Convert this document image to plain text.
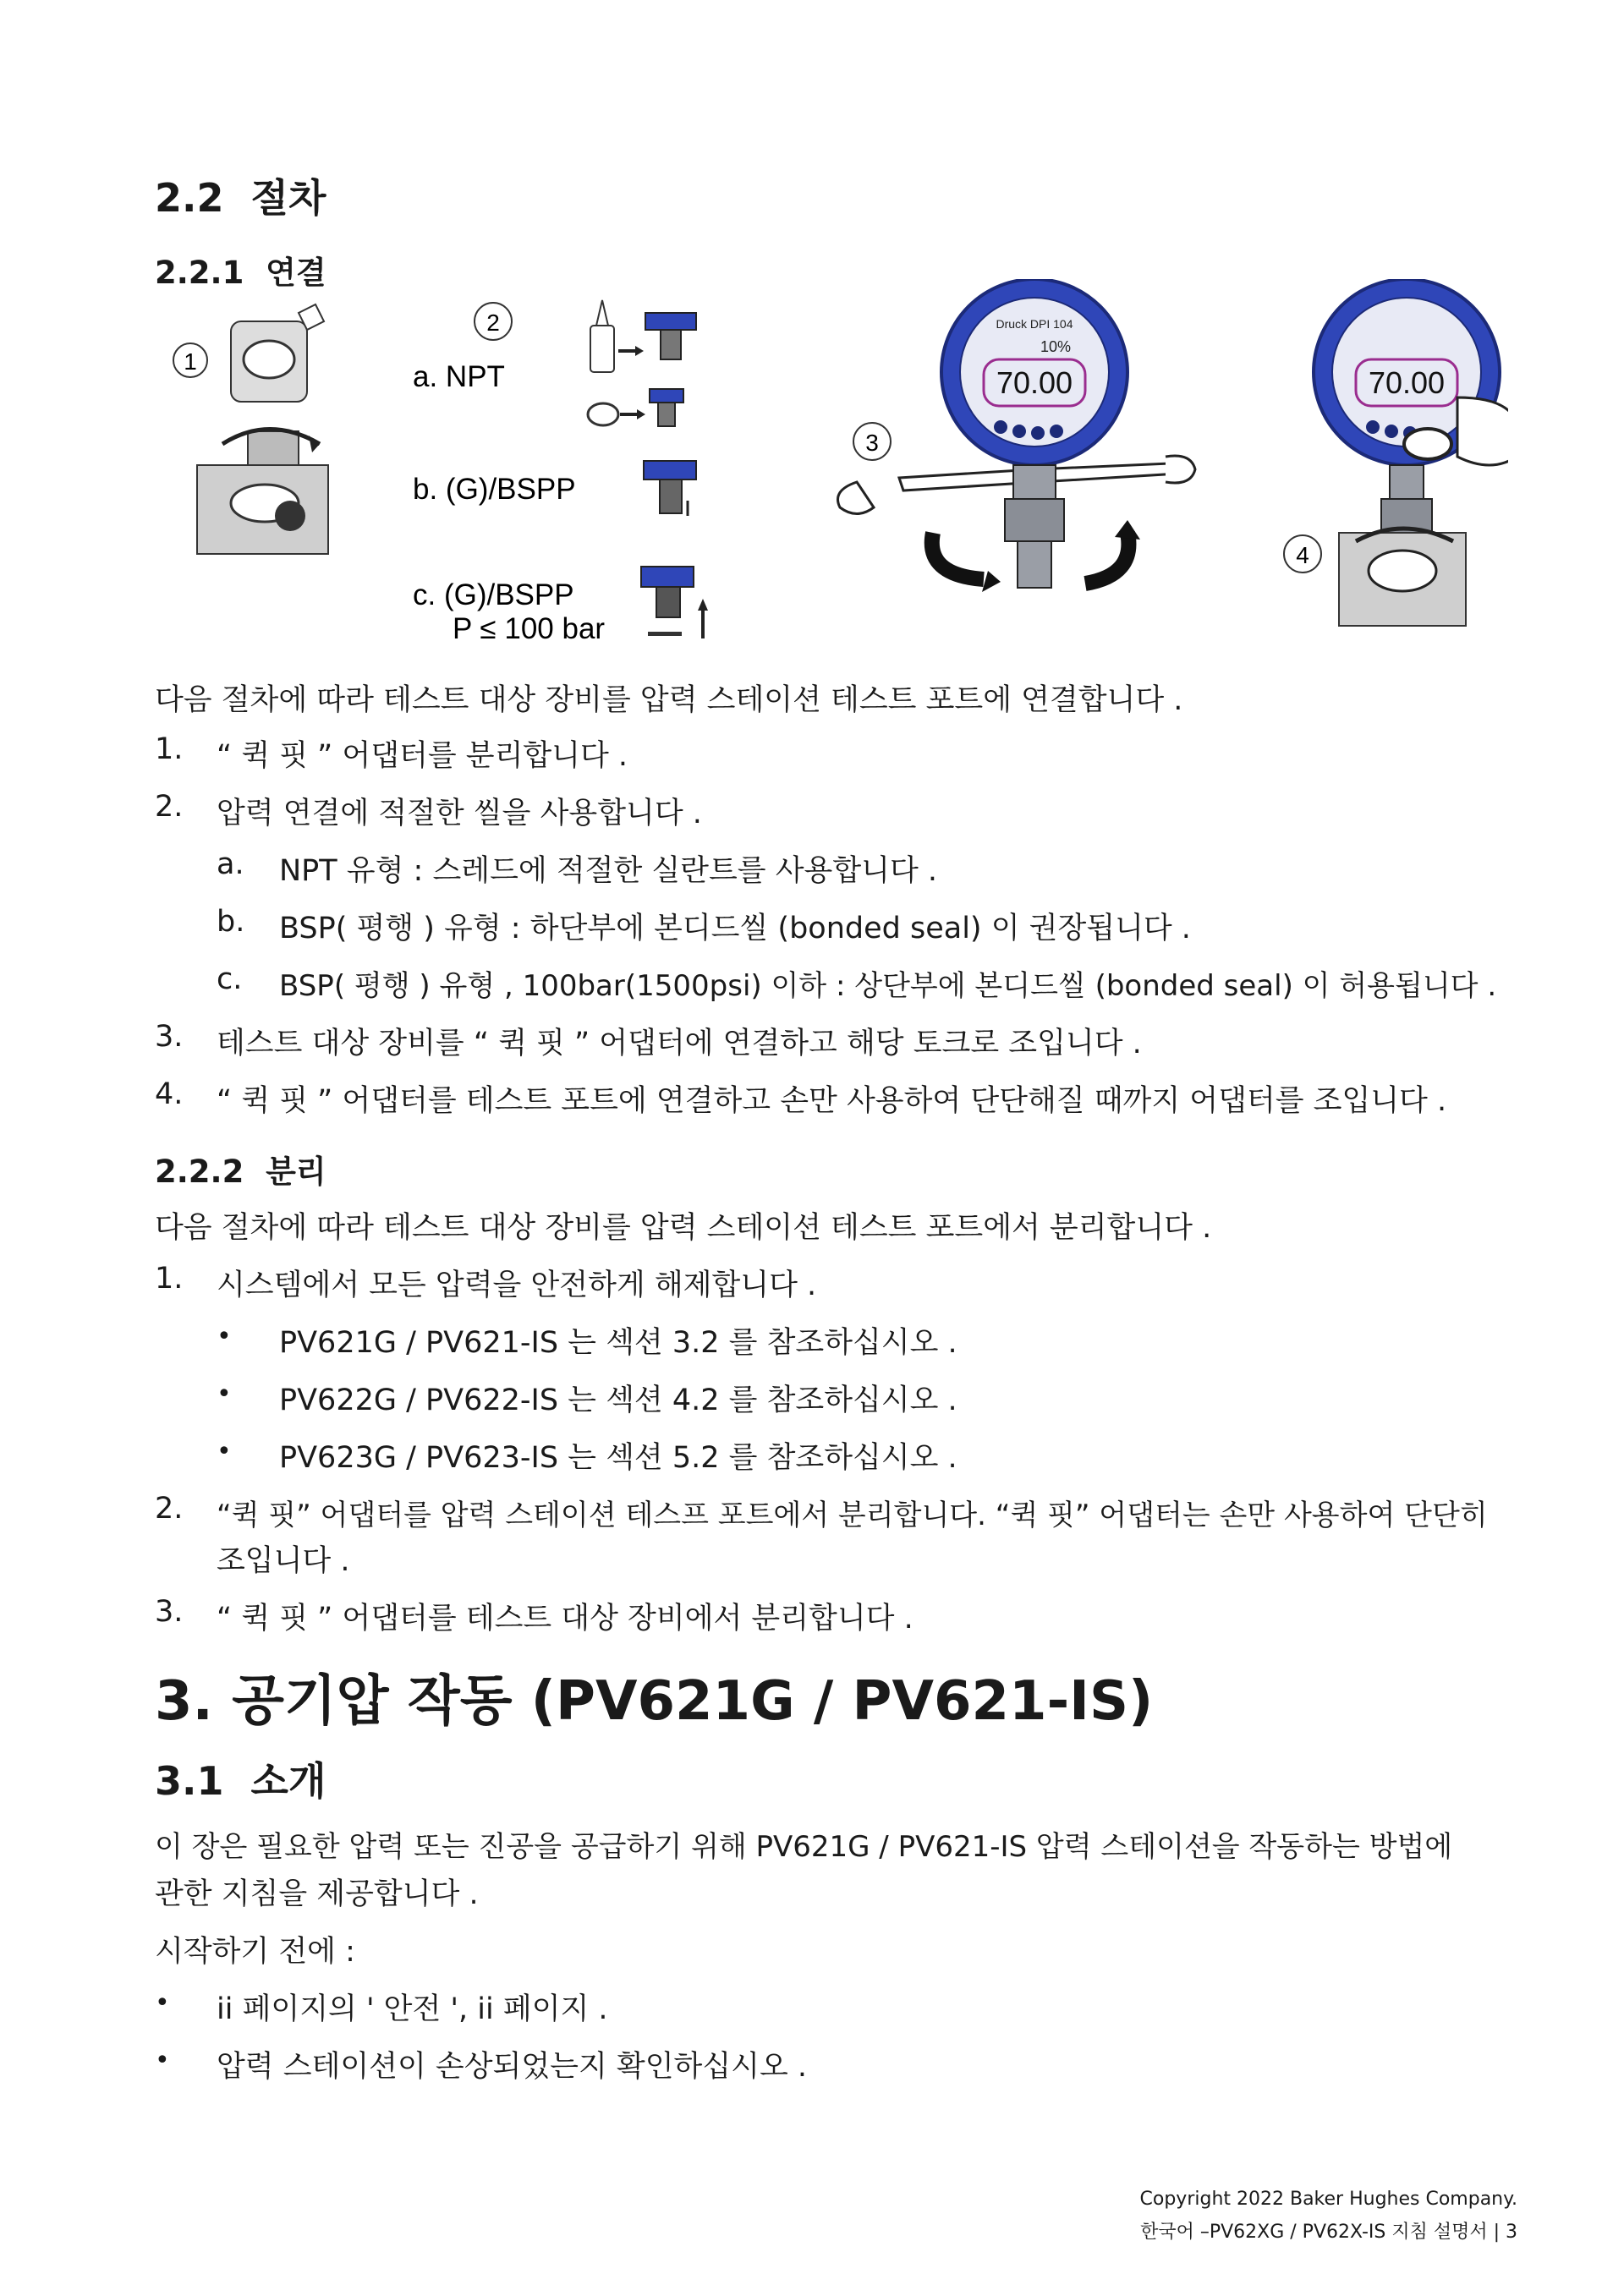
2.2 절차
2.2.1 연결
1
2
a. NPT
b. (G)/BSPP
c. (G)/BSPP
P ≤ 100 bar
3
Druck DPI 104
10%
70.00
4
70.00
다음 절차에 따라 테스트 대상 장비를 압력 스테이션 테스트 포트에 연결합니다 .
1. “ 퀵 핏 ” 어댑터를 분리합니다 .
2. 압력 연결에 적절한 씰을 사용합니다 .
a. NPT 유형 : 스레드에 적절한 실란트를 사용합니다 .
b. BSP( 평행 ) 유형 : 하단부에 본디드씰 (bonded seal) 이 권장됩니다 .
c. BSP( 평행 ) 유형 , 100bar(1500psi) 이하 : 상단부에 본디드씰 (bonded seal) 이 허용됩니다 .
3. 테스트 대상 장비를 “ 퀵 핏 ” 어댑터에 연결하고 해당 토크로 조입니다 .
4. “ 퀵 핏 ” 어댑터를 테스트 포트에 연결하고 손만 사용하여 단단해질 때까지 어댑터를 조입니다 .
2.2.2 분리
다음 절차에 따라 테스트 대상 장비를 압력 스테이션 테스트 포트에서 분리합니다 .
1. 시스템에서 모든 압력을 안전하게 해제합니다 .
• PV621G / PV621-IS 는 섹션 3.2 를 참조하십시오 .
• PV622G / PV622-IS 는 섹션 4.2 를 참조하십시오 .
• PV623G / PV623-IS 는 섹션 5.2 를 참조하십시오 .
2. “퀵 핏” 어댑터를 압력 스테이션 테스프 포트에서 분리합니다. “퀵 핏” 어댑터는 손만 사용하여 단단히
조입니다 .
3. “ 퀵 핏 ” 어댑터를 테스트 대상 장비에서 분리합니다 .
3. 공기압 작동 (PV621G / PV621-IS)
3.1 소개
이 장은 필요한 압력 또는 진공을 공급하기 위해 PV621G / PV621-IS 압력 스테이션을 작동하는 방법에
관한 지침을 제공합니다 .
시작하기 전에 :
• ii 페이지의 ' 안전 ', ii 페이지 .
• 압력 스테이션이 손상되었는지 확인하십시오 .
Copyright 2022 Baker Hughes Company.
한국어 –PV62XG / PV62X-IS 지침 설명서 | 3
